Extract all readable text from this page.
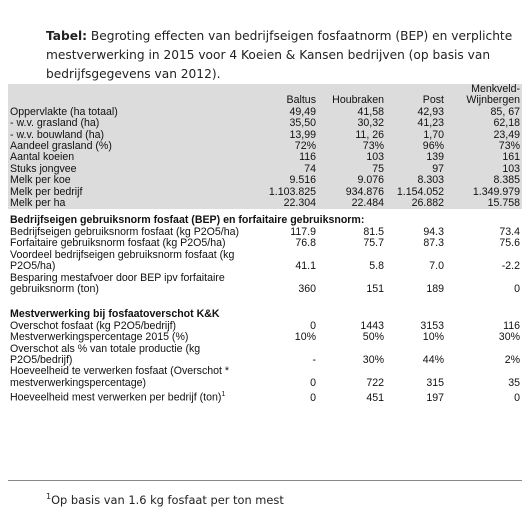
Tabel: Begroting effecten van bedrijfseigen fosfaatnorm (BEP) en verplichte mestverwerking in 2015 voor 4 Koeien & Kansen bedrijven (op basis van bedrijfsgegevens van 2012).
				Menkveld-
	Baltus	Houbraken	Post	Wijnbergen
Oppervlakte (ha totaal)	49,49	41,58	42,93	85, 67
- w.v. grasland (ha)	35,50	30,32	41,23	62,18
- w.v. bouwland (ha)	13,99	11, 26	1,70	23,49
Aandeel grasland (%)	72%	73%	96%	73%
Aantal koeien	116	103	139	161
Stuks jongvee	74	75	97	103
Melk per koe	9.516	9.076	8.303	8.385
Melk per bedrijf	1.103.825	934.876	1.154.052	1.349.979
Melk per ha	22.304	22.484	26.882	15.758
Bedrijfseigen gebruiksnorm fosfaat (BEP) en forfaitaire gebruiksnorm:				
Bedrijfseigen gebruiksnorm fosfaat (kg P2O5/ha)	117.9	81.5	94.3	73.4
Forfaitaire gebruiksnorm fosfaat (kg P2O5/ha)	76.8	75.7	87.3	75.6
Voordeel bedrijfseigen gebruiksnorm fosfaat (kg P2O5/ha)	41.1	5.8	7.0	-2.2
Besparing mestafvoer door BEP ipv forfaitaire gebruiksnorm (ton)	360	151	189	0

Mestverwerking bij fosfaatoverschot K&K				
Overschot fosfaat (kg P2O5/bedrijf)	0	1443	3153	116
Mestverwerkingspercentage 2015 (%)	10%	50%	10%	30%
Overschot als % van totale productie (kg P2O5/bedrijf)	-	30%	44%	2%
Hoeveelheid te verwerken fosfaat (Overschot * mestverwerkingspercentage)	0	722	315	35
Hoeveelheid mest verwerken per bedrijf (ton)$^1$	0	451	197	0
$^1$Op basis van 1.6 kg fosfaat per ton mest
